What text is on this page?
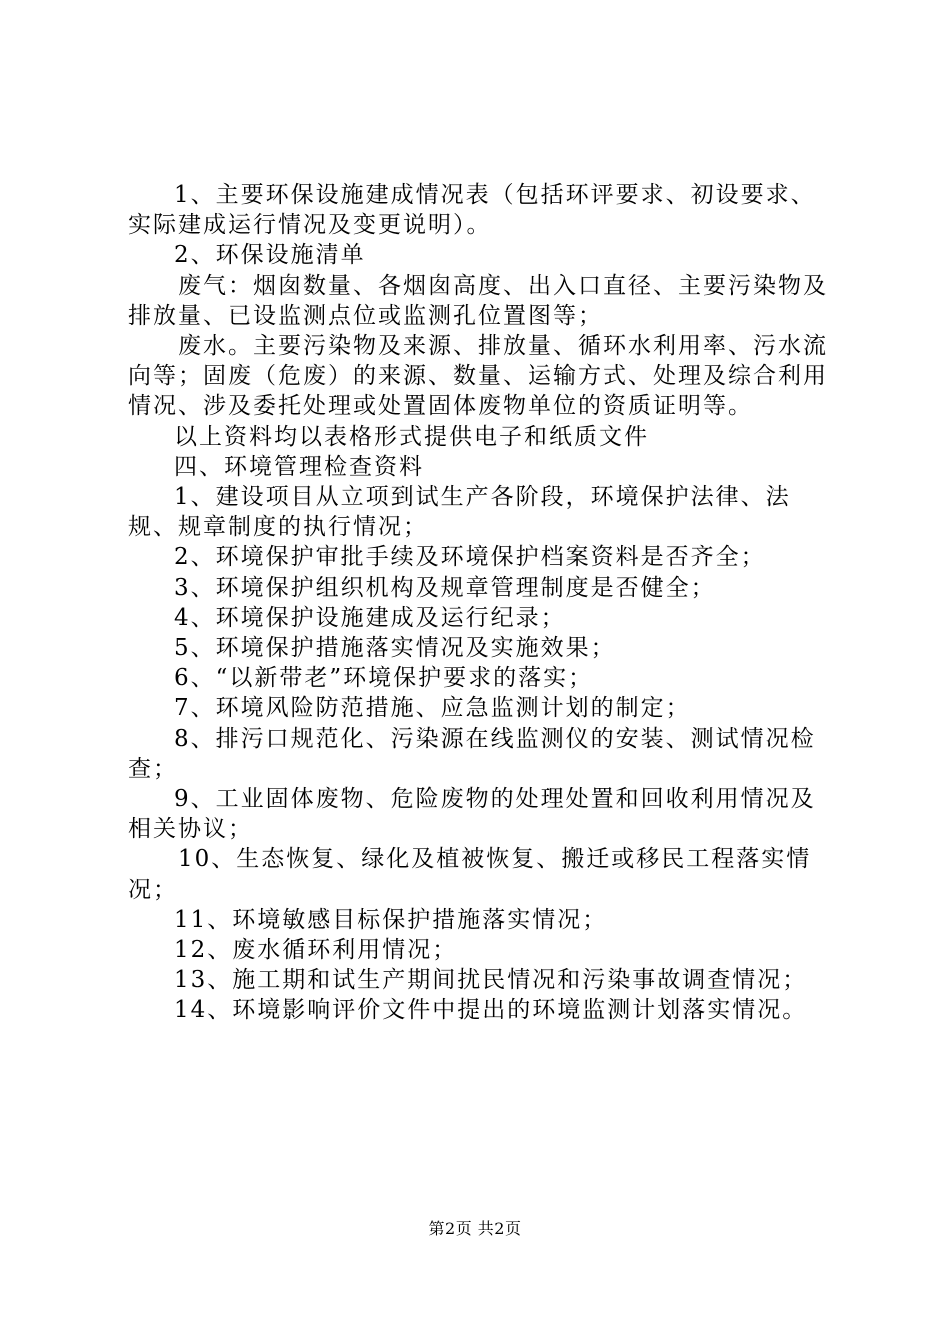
1、主要环保设施建成情况表（包括环评要求、初设要求、实际建成运行情况及变更说明）。

2、环保设施清单

废气：烟囱数量、各烟囱高度、出入口直径、主要污染物及排放量、已设监测点位或监测孔位置图等；

废水。主要污染物及来源、排放量、循环水利用率、污水流向等；固废（危废）的来源、数量、运输方式、处理及综合利用情况、涉及委托处理或处置固体废物单位的资质证明等。

以上资料均以表格形式提供电子和纸质文件

四、环境管理检查资料

1、建设项目从立项到试生产各阶段，环境保护法律、法规、规章制度的执行情况；

2、环境保护审批手续及环境保护档案资料是否齐全；

3、环境保护组织机构及规章管理制度是否健全；

4、环境保护设施建成及运行纪录；

5、环境保护措施落实情况及实施效果；

6、“以新带老”环境保护要求的落实；

7、环境风险防范措施、应急监测计划的制定；

8、排污口规范化、污染源在线监测仪的安装、测试情况检查；

9、工业固体废物、危险废物的处理处置和回收利用情况及相关协议；

10、生态恢复、绿化及植被恢复、搬迁或移民工程落实情况；

11、环境敏感目标保护措施落实情况；

12、废水循环利用情况；

13、施工期和试生产期间扰民情况和污染事故调查情况；

14、环境影响评价文件中提出的环境监测计划落实情况。

第2页 共2页
